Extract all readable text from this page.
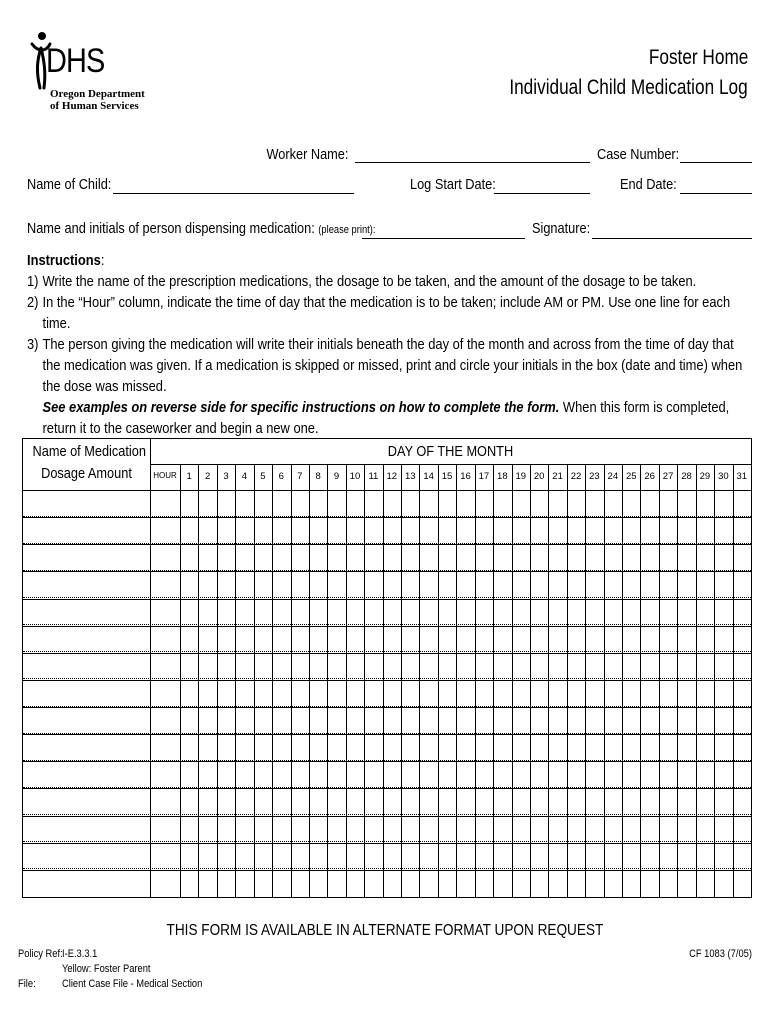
DHS
Oregon Department
of Human Services
Foster Home
Individual Child Medication Log
Worker Name:	Case Number:
Name of Child:	Log Start Date:	End Date:
Name and initials of person dispensing medication: (please print):	Signature:
Instructions:
1) Write the name of the prescription medications, the dosage to be taken, and the amount of the dosage to be taken.
2) In the “Hour” column, indicate the time of day that the medication is to be taken; include AM or PM. Use one line for each time.
3) The person giving the medication will write their initials beneath the day of the month and across from the time of day that the medication was given. If a medication is skipped or missed, print and circle your initials in the box (date and time) when the dose was missed.
See examples on reverse side for specific instructions on how to complete the form. When this form is completed, return it to the caseworker and begin a new one.
Name of Medication
Dosage Amount
DAY OF THE MONTH
HOUR	1	2	3	4	5	6	7	8	9	10 11 12 13 14 15 16 17 18 19 20 21 22 23 24 25 26 27 28 29 30 31
THIS FORM IS AVAILABLE IN ALTERNATE FORMAT UPON REQUEST
Policy Ref: I-E.3.3.1
Yellow: Foster Parent
File: Client Case File - Medical Section
CF 1083 (7/05)
